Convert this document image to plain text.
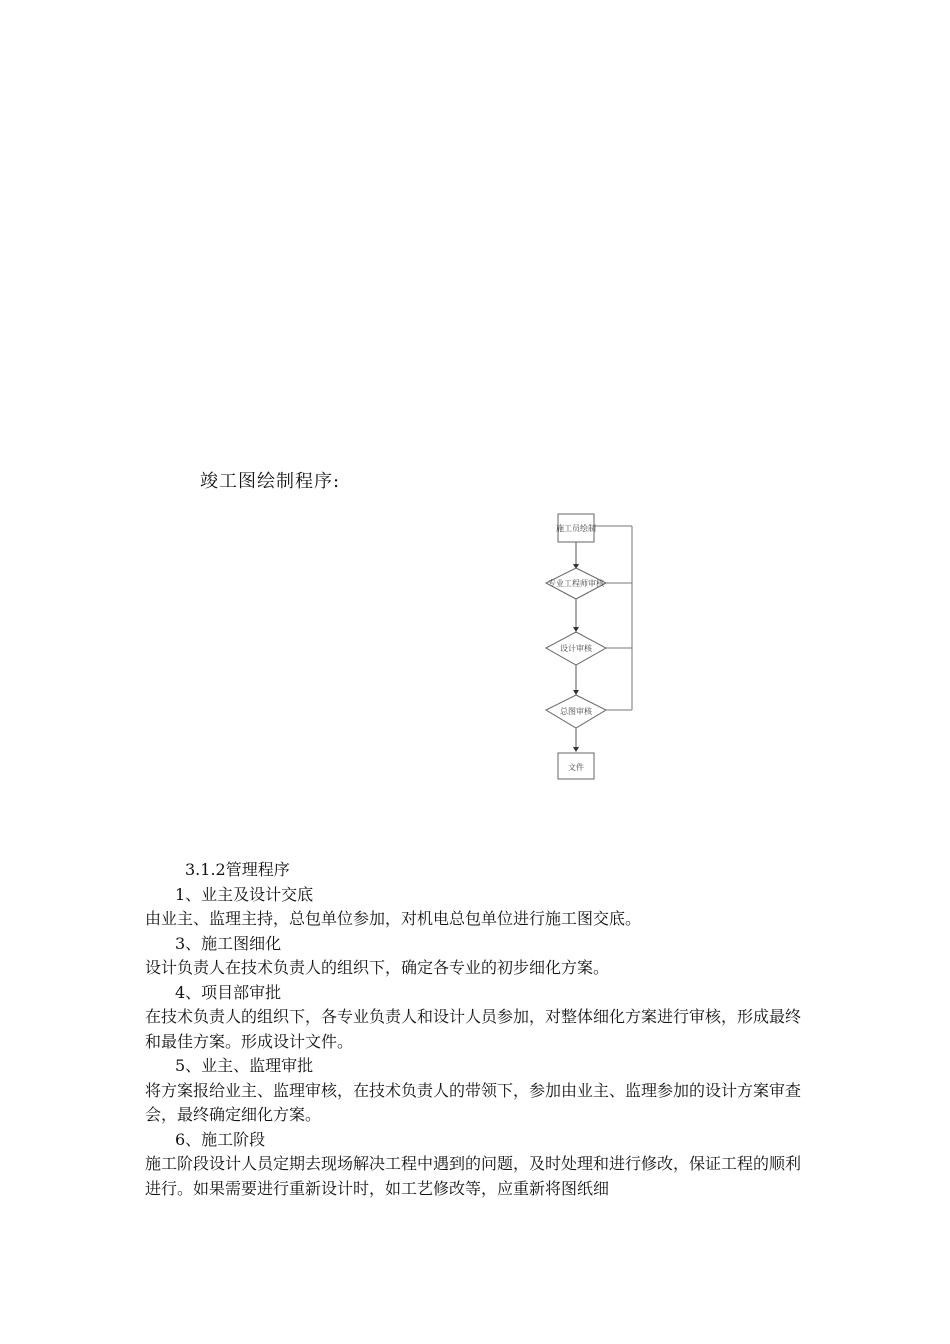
竣工图绘制程序:
施工员绘制
专业工程师审核
设计审核
总图审核
文件

3.1.2管理程序

1、业主及设计交底

由业主、监理主持，总包单位参加，对机电总包单位进行施工图交底。

3、施工图细化

设计负责人在技术负责人的组织下，确定各专业的初步细化方案。

4、项目部审批

在技术负责人的组织下，各专业负责人和设计人员参加，对整体细化方案进行审核，形成最终和最佳方案。形成设计文件。

5、业主、监理审批

将方案报给业主、监理审核，在技术负责人的带领下，参加由业主、监理参加的设计方案审查会，最终确定细化方案。

6、施工阶段

施工阶段设计人员定期去现场解决工程中遇到的问题，及时处理和进行修改，保证工程的顺利进行。如果需要进行重新设计时，如工艺修改等，应重新将图纸细
